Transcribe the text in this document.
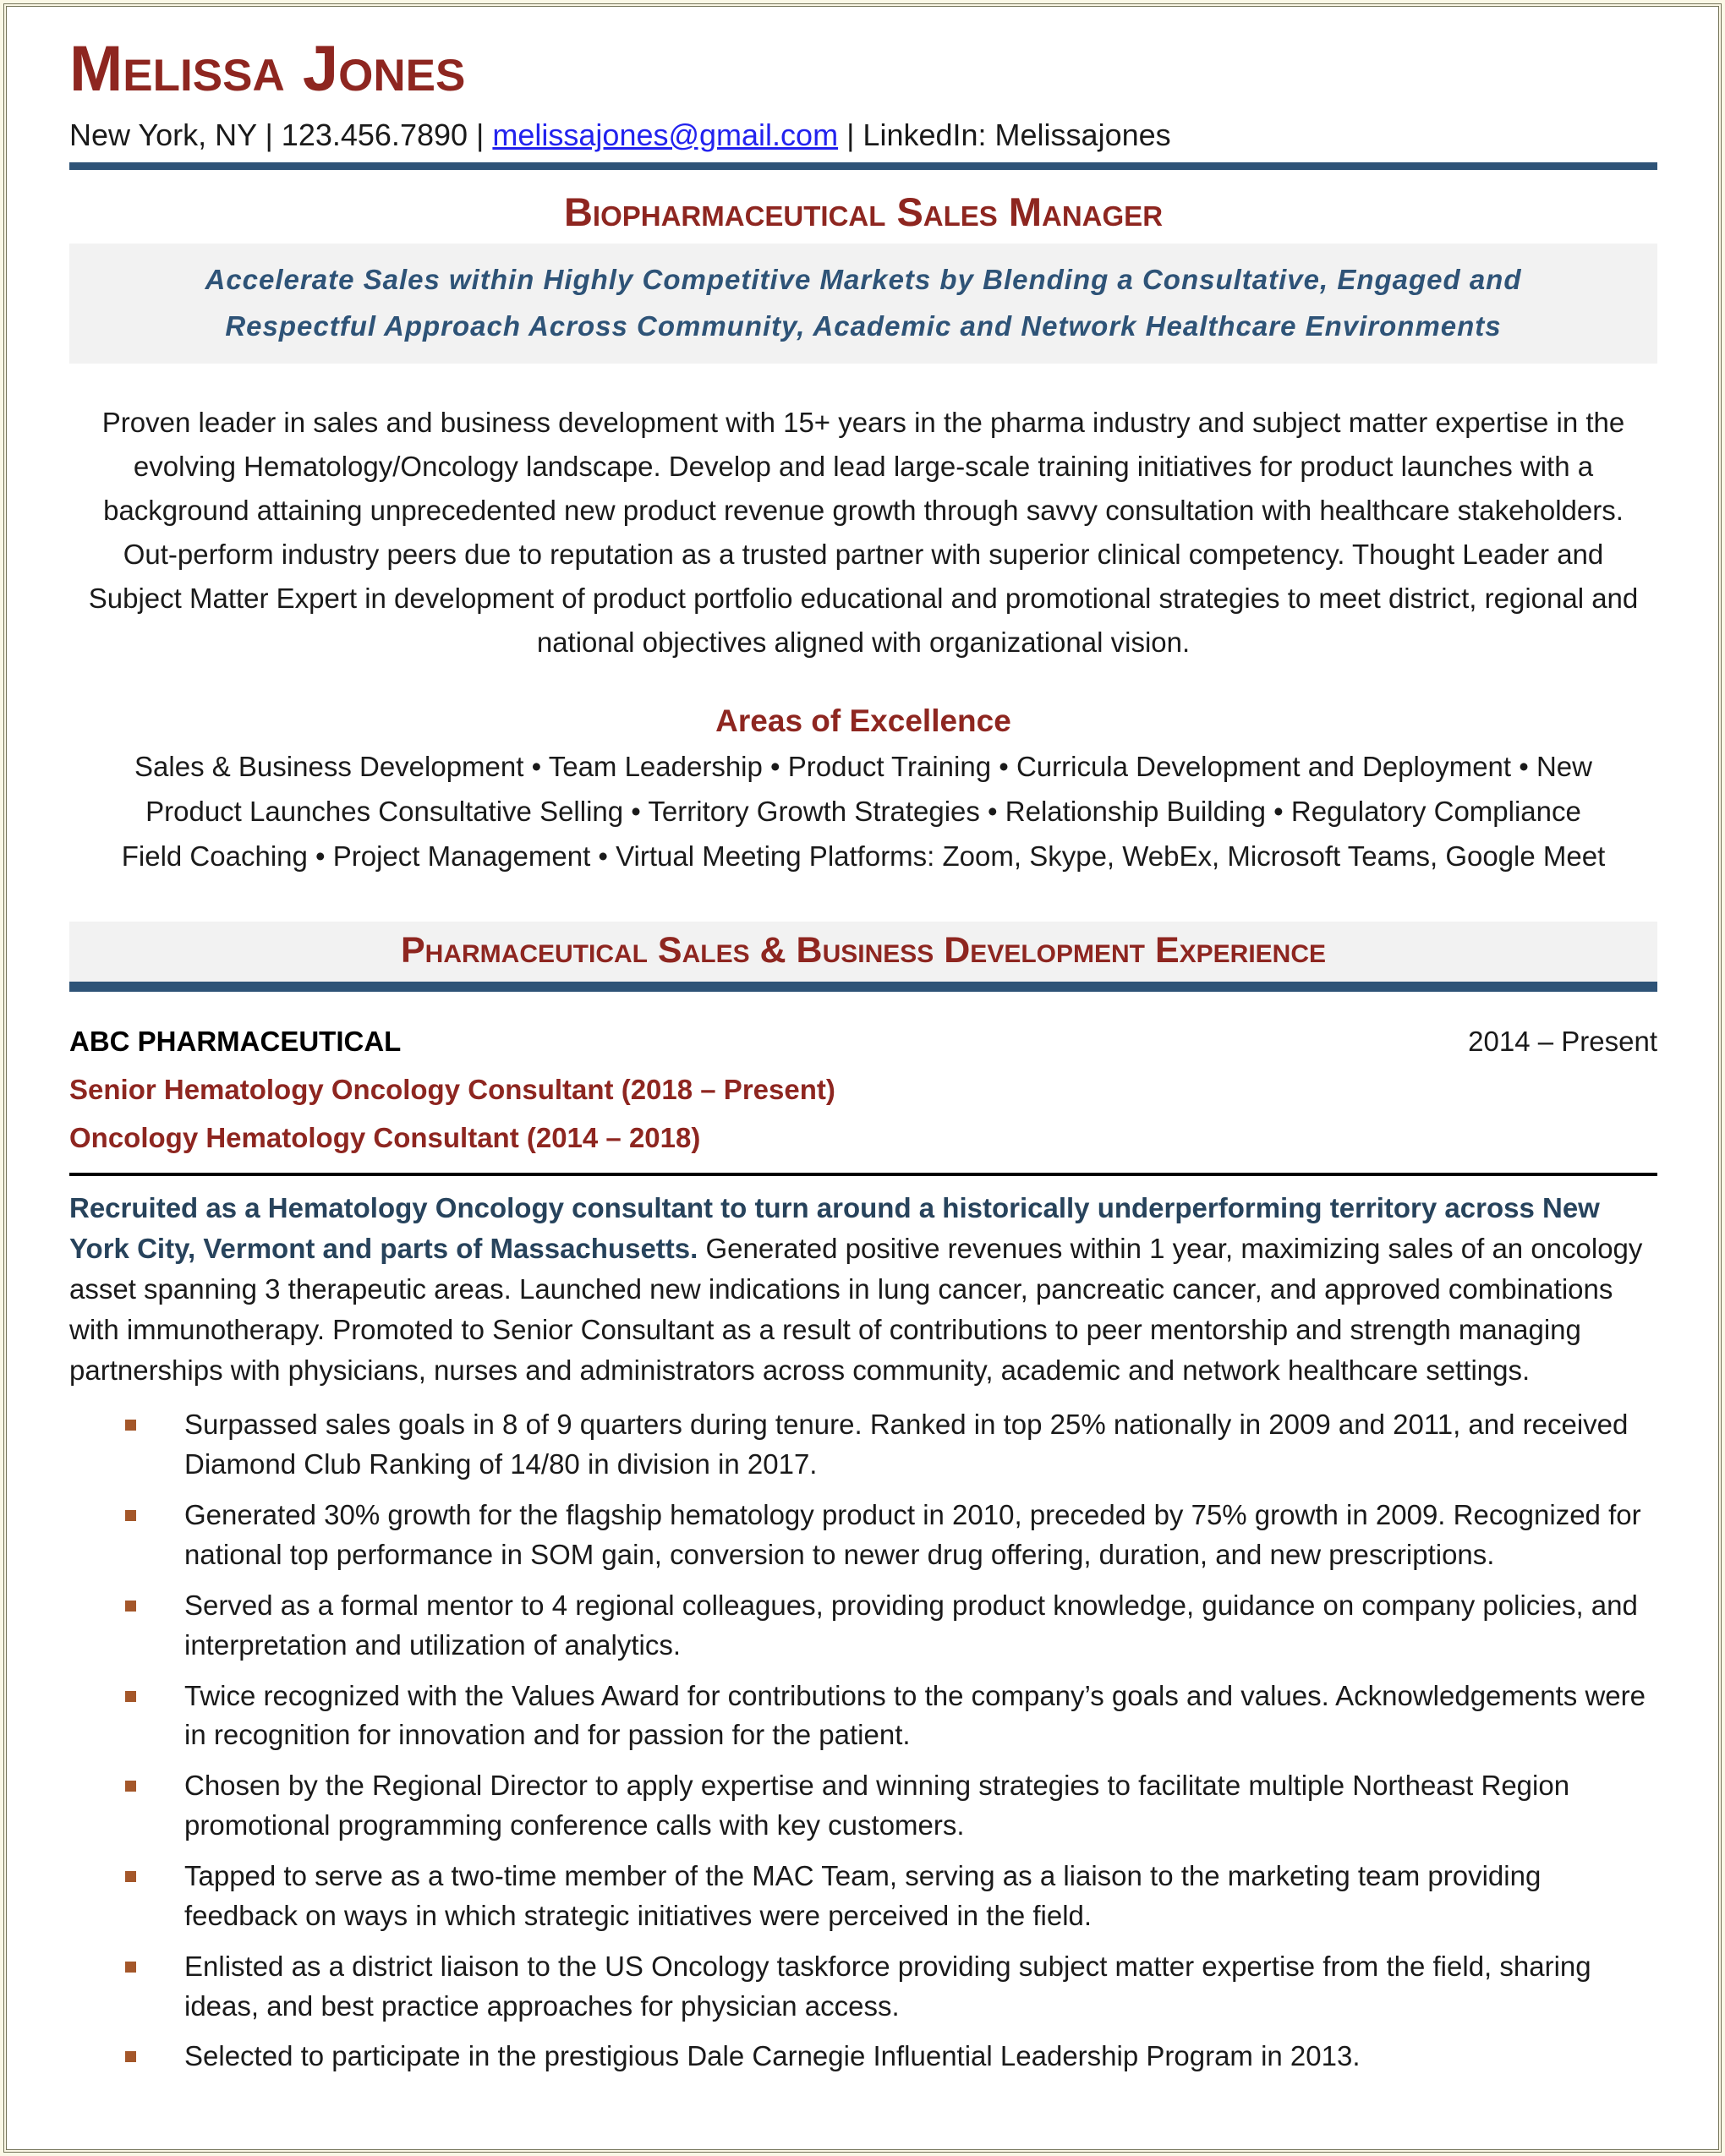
Melissa Jones
New York, NY | 123.456.7890 | melissajones@gmail.com | LinkedIn: Melissajones
Biopharmaceutical Sales Manager
Accelerate Sales within Highly Competitive Markets by Blending a Consultative, Engaged and
Respectful Approach Across Community, Academic and Network Healthcare Environments

Proven leader in sales and business development with 15+ years in the pharma industry and subject matter expertise in the evolving Hematology/Oncology landscape. Develop and lead large-scale training initiatives for product launches with a background attaining unprecedented new product revenue growth through savvy consultation with healthcare stakeholders. Out-perform industry peers due to reputation as a trusted partner with superior clinical competency. Thought Leader and Subject Matter Expert in development of product portfolio educational and promotional strategies to meet district, regional and national objectives aligned with organizational vision.

Areas of Excellence
Sales & Business Development • Team Leadership • Product Training • Curricula Development and Deployment • New
Product Launches Consultative Selling • Territory Growth Strategies • Relationship Building • Regulatory Compliance
Field Coaching • Project Management • Virtual Meeting Platforms: Zoom, Skype, WebEx, Microsoft Teams, Google Meet
Pharmaceutical Sales & Business Development Experience
ABC PHARMACEUTICAL	2014 – Present
Senior Hematology Oncology Consultant (2018 – Present)
Oncology Hematology Consultant (2014 – 2018)

Recruited as a Hematology Oncology consultant to turn around a historically underperforming territory across New York City, Vermont and parts of Massachusetts. Generated positive revenues within 1 year, maximizing sales of an oncology asset spanning 3 therapeutic areas. Launched new indications in lung cancer, pancreatic cancer, and approved combinations with immunotherapy. Promoted to Senior Consultant as a result of contributions to peer mentorship and strength managing partnerships with physicians, nurses and administrators across community, academic and network healthcare settings.

Surpassed sales goals in 8 of 9 quarters during tenure. Ranked in top 25% nationally in 2009 and 2011, and received Diamond Club Ranking of 14/80 in division in 2017.
Generated 30% growth for the flagship hematology product in 2010, preceded by 75% growth in 2009. Recognized for national top performance in SOM gain, conversion to newer drug offering, duration, and new prescriptions.
Served as a formal mentor to 4 regional colleagues, providing product knowledge, guidance on company policies, and interpretation and utilization of analytics.
Twice recognized with the Values Award for contributions to the company’s goals and values. Acknowledgements were in recognition for innovation and for passion for the patient.
Chosen by the Regional Director to apply expertise and winning strategies to facilitate multiple Northeast Region promotional programming conference calls with key customers.
Tapped to serve as a two-time member of the MAC Team, serving as a liaison to the marketing team providing feedback on ways in which strategic initiatives were perceived in the field.
Enlisted as a district liaison to the US Oncology taskforce providing subject matter expertise from the field, sharing ideas, and best practice approaches for physician access.
Selected to participate in the prestigious Dale Carnegie Influential Leadership Program in 2013.
